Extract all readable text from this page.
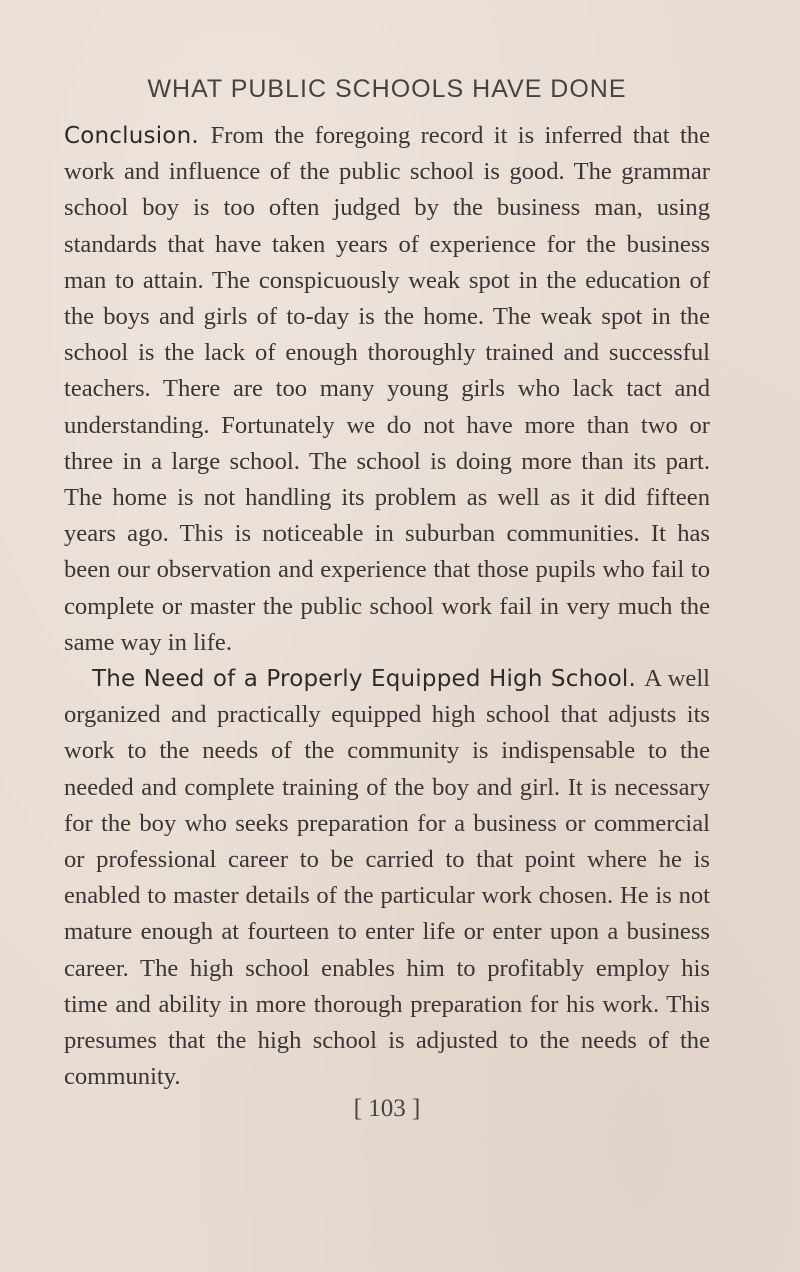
WHAT PUBLIC SCHOOLS HAVE DONE

Conclusion. From the foregoing record it is inferred that the work and influence of the public school is good. The grammar school boy is too often judged by the business man, using standards that have taken years of experience for the business man to attain. The conspicuously weak spot in the education of the boys and girls of to-day is the home. The weak spot in the school is the lack of enough thoroughly trained and successful teachers. There are too many young girls who lack tact and understanding. Fortunately we do not have more than two or three in a large school. The school is doing more than its part. The home is not handling its problem as well as it did fifteen years ago. This is noticeable in suburban communities. It has been our observation and experience that those pupils who fail to complete or master the public school work fail in very much the same way in life.

The Need of a Properly Equipped High School. A well organized and practically equipped high school that adjusts its work to the needs of the community is indispensable to the needed and complete training of the boy and girl. It is necessary for the boy who seeks preparation for a business or commercial or professional career to be carried to that point where he is enabled to master details of the particular work chosen. He is not mature enough at fourteen to enter life or enter upon a business career. The high school enables him to profitably employ his time and ability in more thorough preparation for his work. This presumes that the high school is adjusted to the needs of the community.

[ 103 ]
